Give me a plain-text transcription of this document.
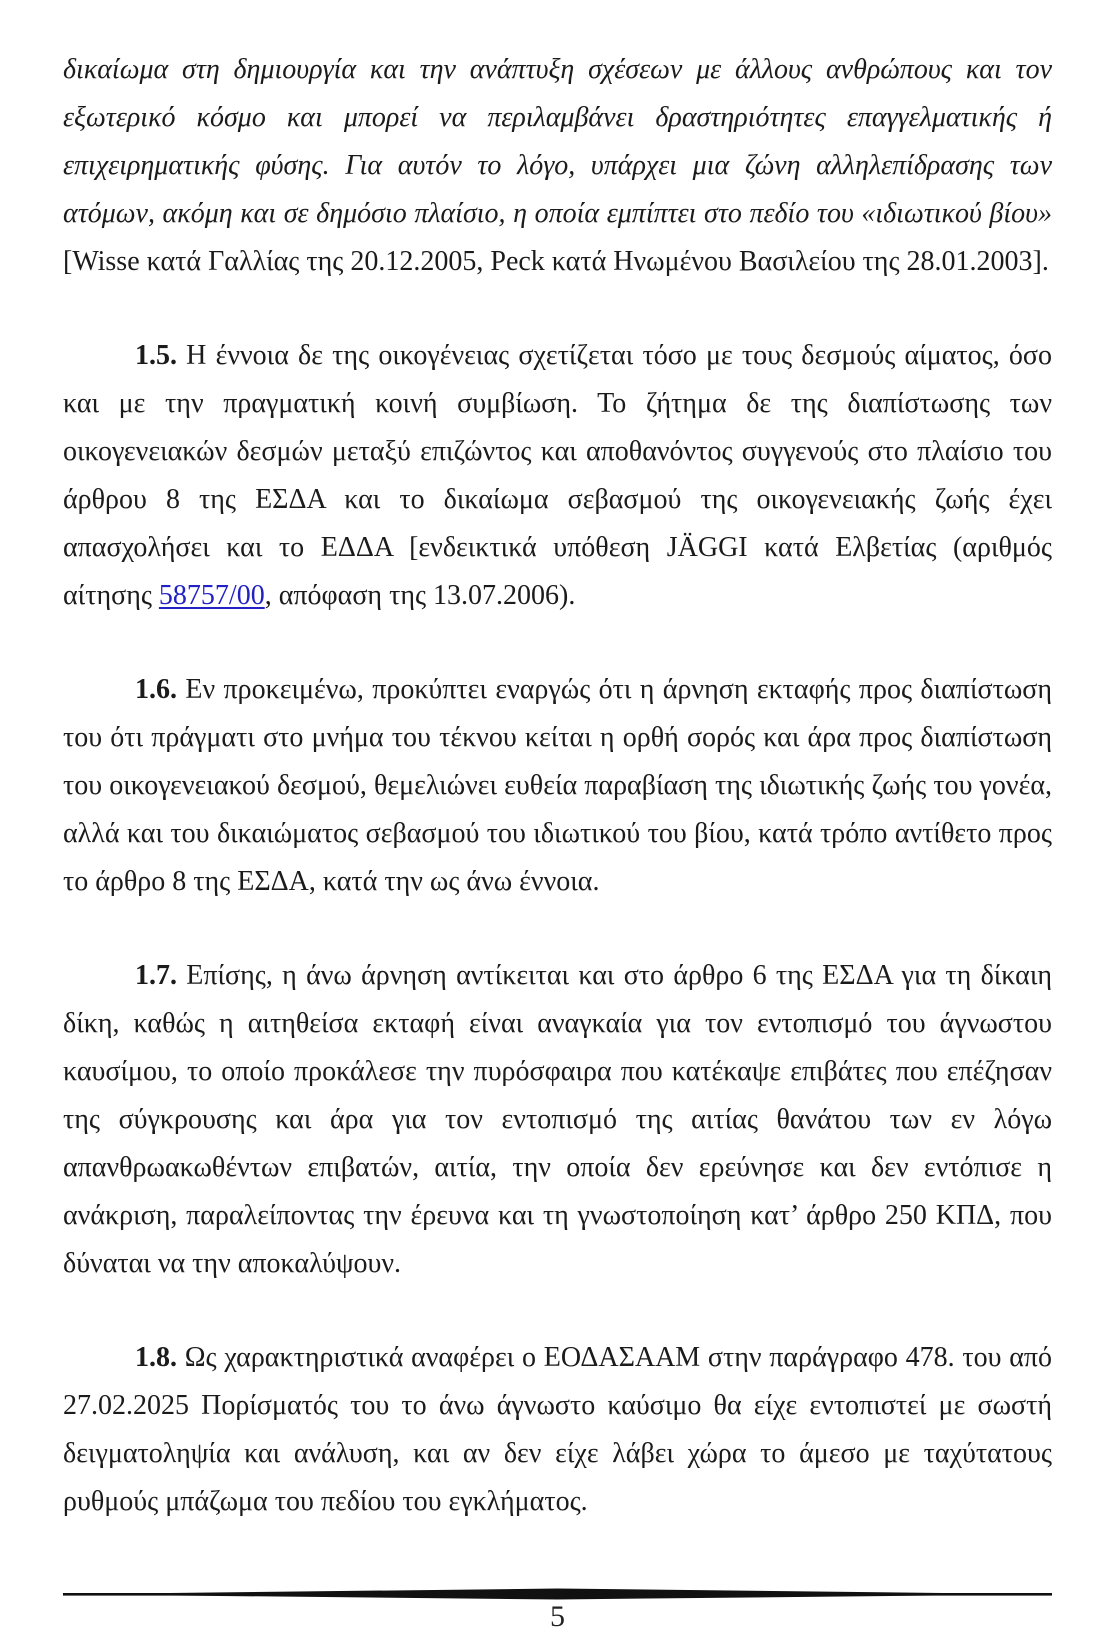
δικαίωμα στη δημιουργία και την ανάπτυξη σχέσεων με άλλους ανθρώπους και τον εξωτερικό κόσμο και μπορεί να περιλαμβάνει δραστηριότητες επαγγελματικής ή επιχειρηματικής φύσης. Για αυτόν το λόγο, υπάρχει μια ζώνη αλληλεπίδρασης των ατόμων, ακόμη και σε δημόσιο πλαίσιο, η οποία εμπίπτει στο πεδίο του «ιδιωτικού βίου» [Wisse κατά Γαλλίας της 20.12.2005, Peck κατά Ηνωμένου Βασιλείου της 28.01.2003].

1.5. Η έννοια δε της οικογένειας σχετίζεται τόσο με τους δεσμούς αίματος, όσο και με την πραγματική κοινή συμβίωση. Το ζήτημα δε της διαπίστωσης των οικογενειακών δεσμών μεταξύ επιζώντος και αποθανόντος συγγενούς στο πλαίσιο του άρθρου 8 της ΕΣΔΑ και το δικαίωμα σεβασμού της οικογενειακής ζωής έχει απασχολήσει και το ΕΔΔΑ [ενδεικτικά υπόθεση JÄGGI κατά Ελβετίας (αριθμός αίτησης 58757/00, απόφαση της 13.07.2006).

1.6. Εν προκειμένω, προκύπτει εναργώς ότι η άρνηση εκταφής προς διαπίστωση του ότι πράγματι στο μνήμα του τέκνου κείται η ορθή σορός και άρα προς διαπίστωση του οικογενειακού δεσμού, θεμελιώνει ευθεία παραβίαση της ιδιωτικής ζωής του γονέα, αλλά και του δικαιώματος σεβασμού του ιδιωτικού του βίου, κατά τρόπο αντίθετο προς το άρθρο 8 της ΕΣΔΑ, κατά την ως άνω έννοια.

1.7. Επίσης, η άνω άρνηση αντίκειται και στο άρθρο 6 της ΕΣΔΑ για τη δίκαιη δίκη, καθώς η αιτηθείσα εκταφή είναι αναγκαία για τον εντοπισμό του άγνωστου καυσίμου, το οποίο προκάλεσε την πυρόσφαιρα που κατέκαψε επιβάτες που επέζησαν της σύγκρουσης και άρα για τον εντοπισμό της αιτίας θανάτου των εν λόγω απανθρωακωθέντων επιβατών, αιτία, την οποία δεν ερεύνησε και δεν εντόπισε η ανάκριση, παραλείποντας την έρευνα και τη γνωστοποίηση κατ’ άρθρο 250 ΚΠΔ, που δύναται να την αποκαλύψουν.

1.8. Ως χαρακτηριστικά αναφέρει ο ΕΟΔΑΣΑΑΜ στην παράγραφο 478. του από 27.02.2025 Πορίσματός του το άνω άγνωστο καύσιμο θα είχε εντοπιστεί με σωστή δειγματοληψία και ανάλυση, και αν δεν είχε λάβει χώρα το άμεσο με ταχύτατους ρυθμούς μπάζωμα του πεδίου του εγκλήματος.

5
